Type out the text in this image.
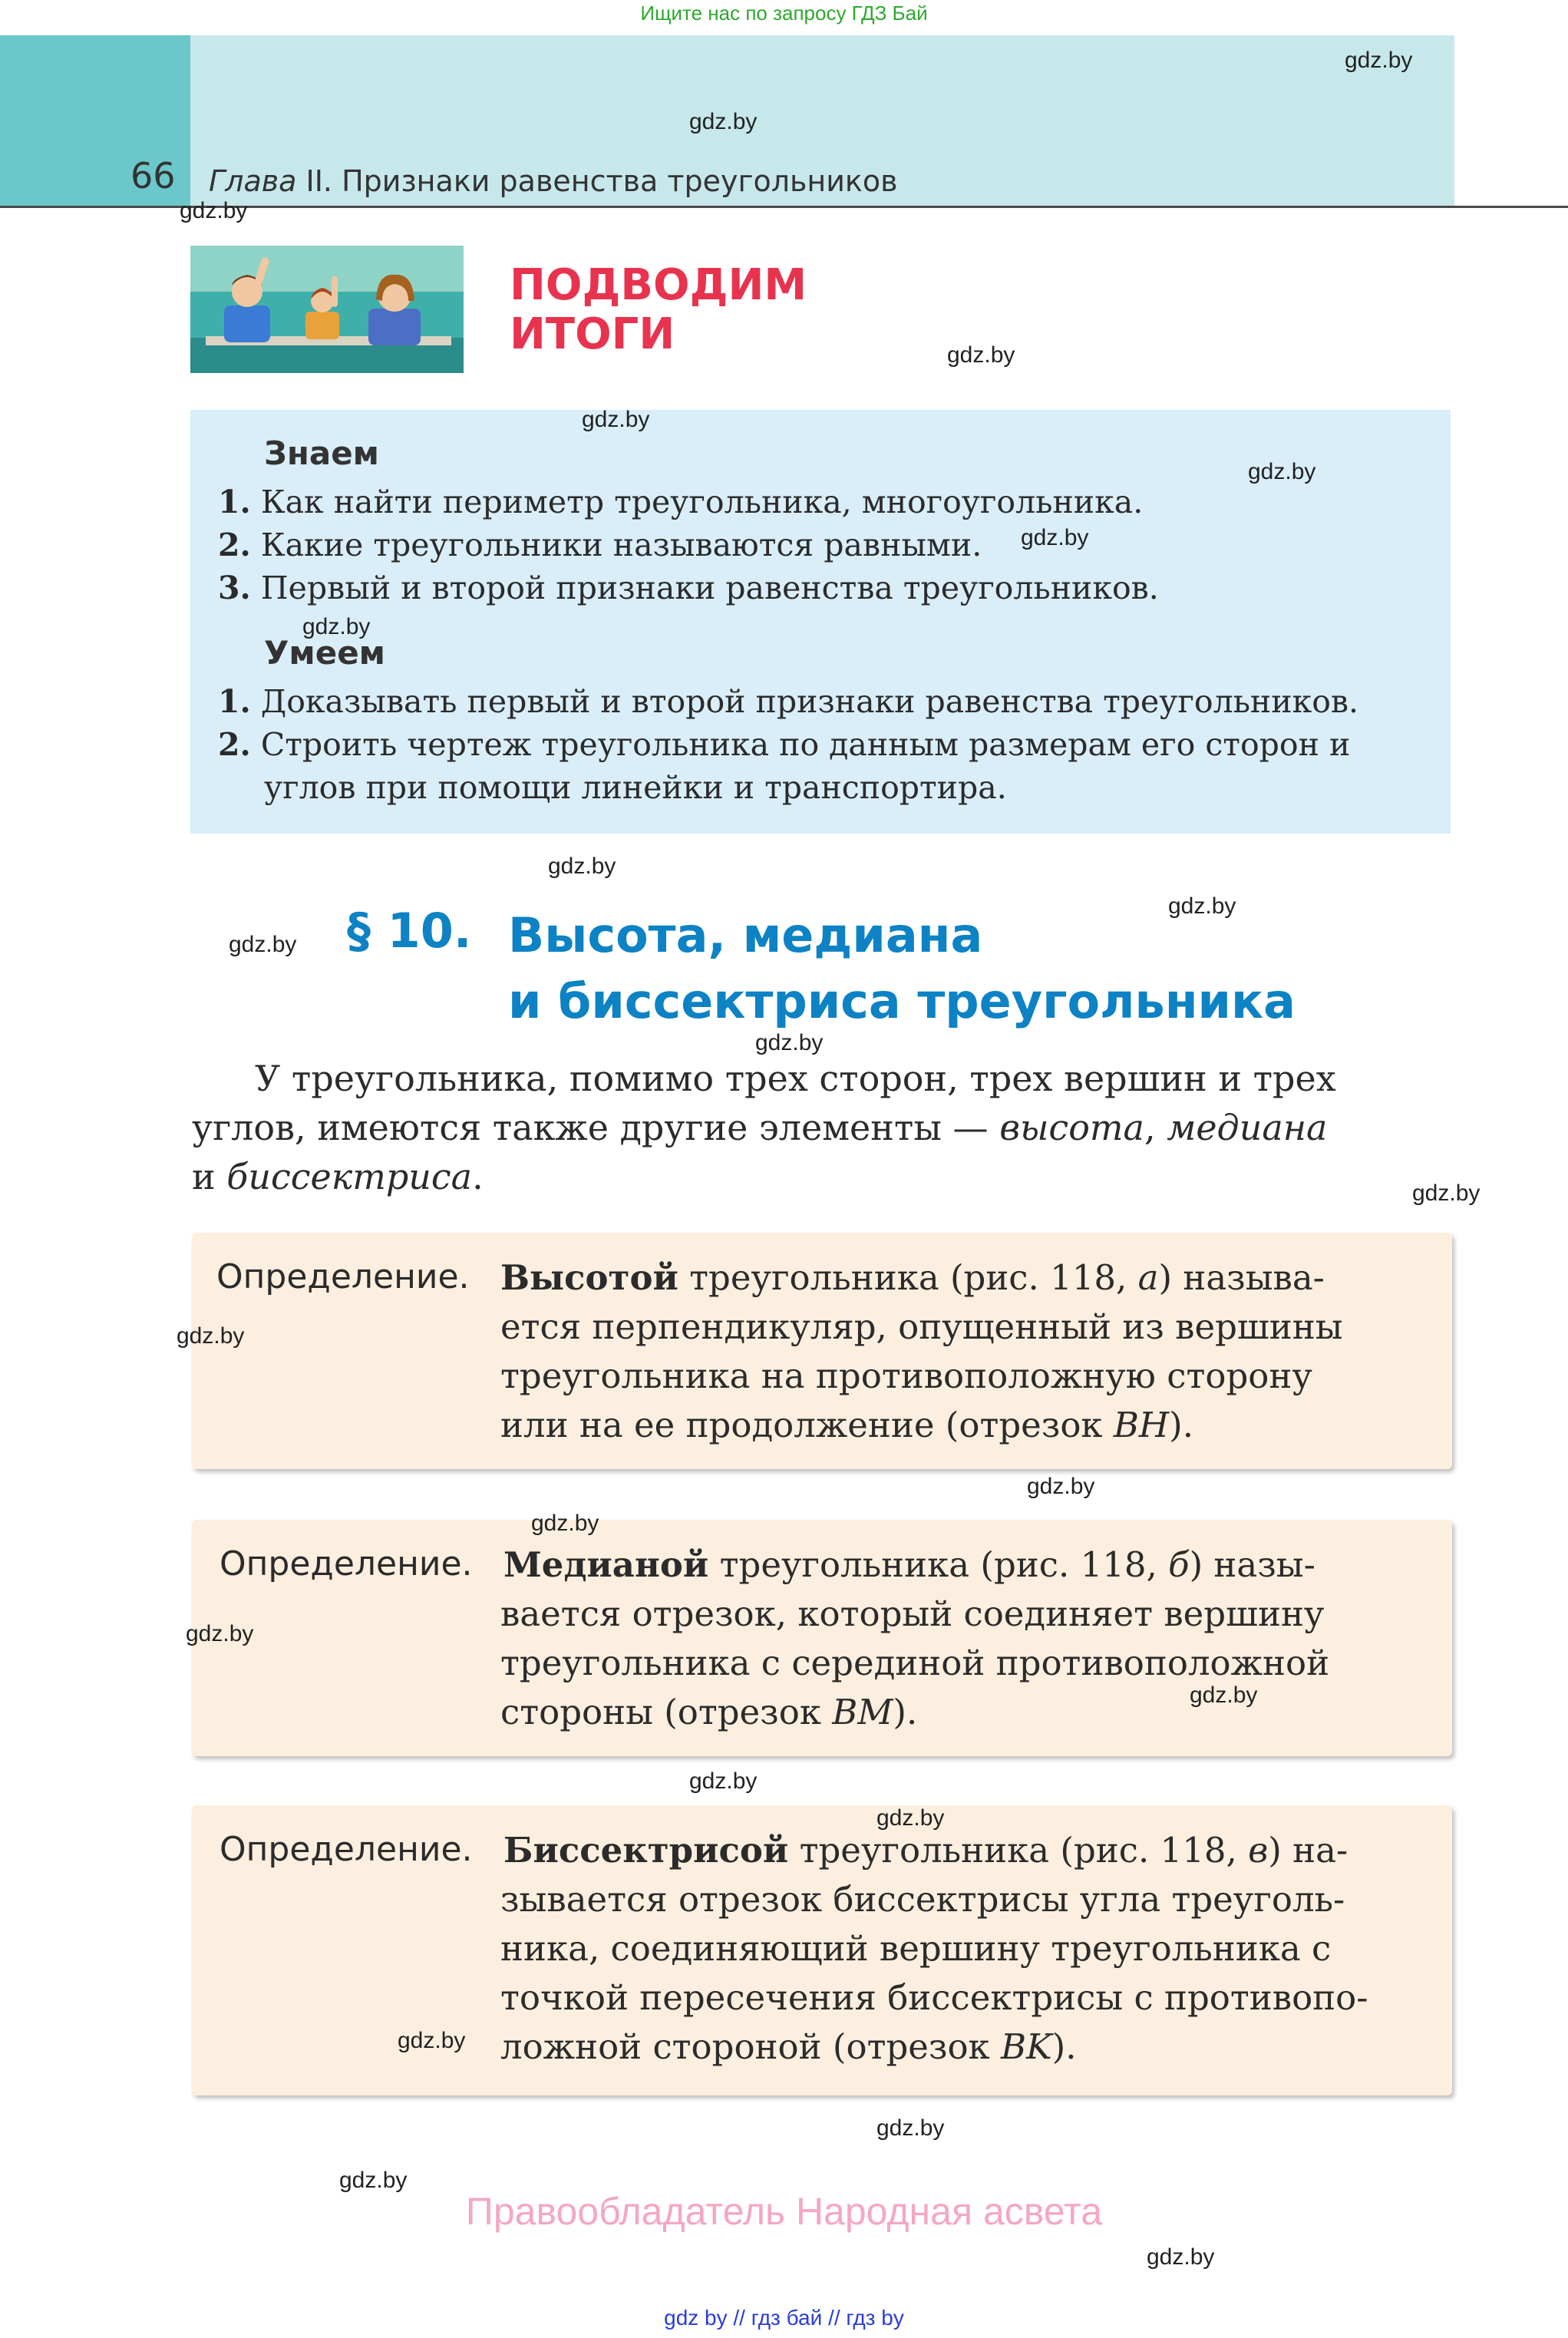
Ищите нас по запросу ГДЗ Бай
66 Глава II. Признаки равенства треугольников
ПОДВОДИМ
ИТОГИ
Знаем
1. Как найти периметр треугольника, многоугольника.
2. Какие треугольники называются равными.
3. Первый и второй признаки равенства треугольников.
Умеем
1. Доказывать первый и второй признаки равенства треугольников.
2. Строить чертеж треугольника по данным размерам его сторон и
углов при помощи линейки и транспортира.
§ 10. Высота, медиана
и биссектриса треугольника
У треугольника, помимо трех сторон, трех вершин и трех
углов, имеются также другие элементы — высота, медиана
и биссектриса.
Определение. Высотой треугольника (рис. 118, а) называ-
ется перпендикуляр, опущенный из вершины
треугольника на противоположную сторону
или на ее продолжение (отрезок BH).
Определение. Медианой треугольника (рис. 118, б) назы-
вается отрезок, который соединяет вершину
треугольника с серединой противоположной
стороны (отрезок BM).
Определение. Биссектрисой треугольника (рис. 118, в) на-
зывается отрезок биссектрисы угла треуголь-
ника, соединяющий вершину треугольника с
точкой пересечения биссектрисы с противопо-
ложной стороной (отрезок BK).
gdz.by
gdz.by
gdz.by
gdz.by
gdz.by
gdz.by
gdz.by
gdz.by
gdz.by
gdz.by
gdz.by
gdz.by
gdz.by
gdz.by
gdz.by
gdz.by
gdz.by
gdz.by
gdz.by
gdz.by
gdz.by
gdz.by
gdz.by
gdz.by
Правообладатель Народная асвета
gdz by // гдз бай // гдз by
